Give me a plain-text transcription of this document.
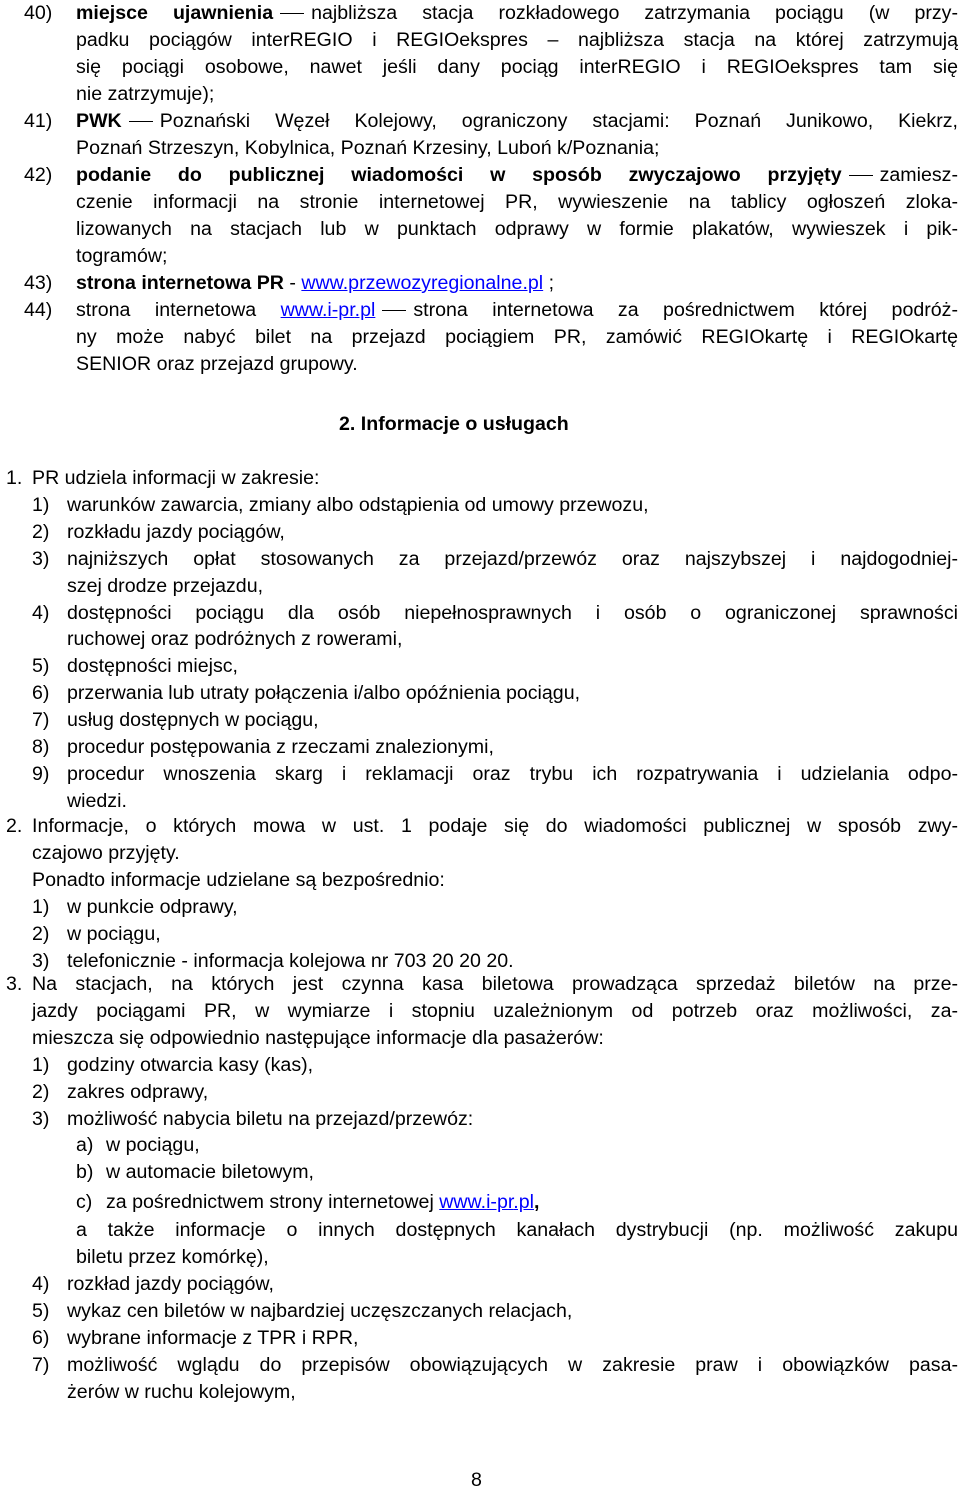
40) miejsce ujawnienia najbliższa stacja rozkładowego zatrzymania pociągu (w przy-
padku pociągów interREGIO i REGIOekspres – najbliższa stacja na której zatrzymują
się pociągi osobowe, nawet jeśli dany pociąg interREGIO i REGIOekspres tam się
nie zatrzymuje);
41) PWK Poznański Węzeł Kolejowy, ograniczony stacjami: Poznań Junikowo, Kiekrz,
Poznań Strzeszyn, Kobylnica, Poznań Krzesiny, Luboń k/Poznania;
42) podanie do publicznej wiadomości w sposób zwyczajowo przyjęty zamiesz-
czenie informacji na stronie internetowej PR, wywieszenie na tablicy ogłoszeń zloka-
lizowanych na stacjach lub w punktach odprawy w formie plakatów, wywieszek i pik-
togramów;
43) strona internetowa PR - www.przewozyregionalne.pl ;
44) strona internetowa www.i-pr.pl strona internetowa za pośrednictwem której podróż-
ny może nabyć bilet na przejazd pociągiem PR, zamówić REGIOkartę i REGIOkartę
SENIOR oraz przejazd grupowy.
2. Informacje o usługach
1. PR udziela informacji w zakresie:
1) warunków zawarcia, zmiany albo odstąpienia od umowy przewozu,
2) rozkładu jazdy pociągów,
3) najniższych opłat stosowanych za przejazd/przewóz oraz najszybszej i najdogodniej-
szej drodze przejazdu,
4) dostępności pociągu dla osób niepełnosprawnych i osób o ograniczonej sprawności
ruchowej oraz podróżnych z rowerami,
5) dostępności miejsc,
6) przerwania lub utraty połączenia i/albo opóźnienia pociągu,
7) usług dostępnych w pociągu,
8) procedur postępowania z rzeczami znalezionymi,
9) procedur wnoszenia skarg i reklamacji oraz trybu ich rozpatrywania i udzielania odpo-
wiedzi.
2. Informacje, o których mowa w ust. 1 podaje się do wiadomości publicznej w sposób zwy-
czajowo przyjęty.
Ponadto informacje udzielane są bezpośrednio:
1) w punkcie odprawy,
2) w pociągu,
3) telefonicznie - informacja kolejowa nr 703 20 20 20.
3. Na stacjach, na których jest czynna kasa biletowa prowadząca sprzedaż biletów na prze-
jazdy pociągami PR, w wymiarze i stopniu uzależnionym od potrzeb oraz możliwości, za-
mieszcza się odpowiednio następujące informacje dla pasażerów:
1) godziny otwarcia kasy (kas),
2) zakres odprawy,
3) możliwość nabycia biletu na przejazd/przewóz:
a) w pociągu,
b) w automacie biletowym,
c) za pośrednictwem strony internetowej www.i-pr.pl,
a także informacje o innych dostępnych kanałach dystrybucji (np. możliwość zakupu
biletu przez komórkę),
4) rozkład jazdy pociągów,
5) wykaz cen biletów w najbardziej uczęszczanych relacjach,
6) wybrane informacje z TPR i RPR,
7) możliwość wglądu do przepisów obowiązujących w zakresie praw i obowiązków pasa-
żerów w ruchu kolejowym,
8
